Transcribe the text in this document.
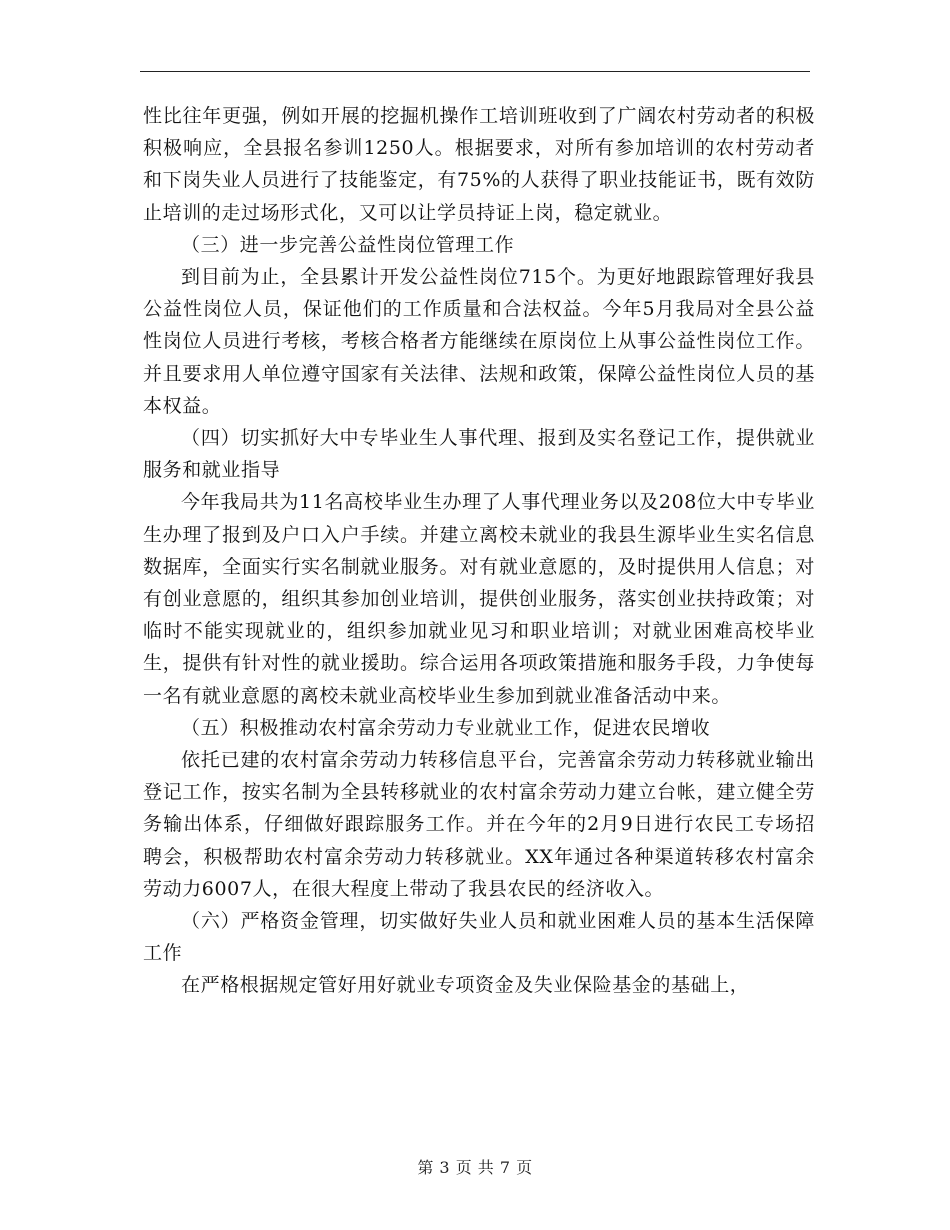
性比往年更强，例如开展的挖掘机操作工培训班收到了广阔农村劳动者的积极积极响应，全县报名参训1250人。根据要求，对所有参加培训的农村劳动者和下岗失业人员进行了技能鉴定，有75%的人获得了职业技能证书，既有效防止培训的走过场形式化，又可以让学员持证上岗，稳定就业。

（三）进一步完善公益性岗位管理工作

到目前为止，全县累计开发公益性岗位715个。为更好地跟踪管理好我县公益性岗位人员，保证他们的工作质量和合法权益。今年5月我局对全县公益性岗位人员进行考核，考核合格者方能继续在原岗位上从事公益性岗位工作。并且要求用人单位遵守国家有关法律、法规和政策，保障公益性岗位人员的基本权益。

（四）切实抓好大中专毕业生人事代理、报到及实名登记工作，提供就业服务和就业指导

今年我局共为11名高校毕业生办理了人事代理业务以及208位大中专毕业生办理了报到及户口入户手续。并建立离校未就业的我县生源毕业生实名信息数据库，全面实行实名制就业服务。对有就业意愿的，及时提供用人信息；对有创业意愿的，组织其参加创业培训，提供创业服务，落实创业扶持政策；对临时不能实现就业的，组织参加就业见习和职业培训；对就业困难高校毕业生，提供有针对性的就业援助。综合运用各项政策措施和服务手段，力争使每一名有就业意愿的离校未就业高校毕业生参加到就业准备活动中来。

（五）积极推动农村富余劳动力专业就业工作，促进农民增收

依托已建的农村富余劳动力转移信息平台，完善富余劳动力转移就业输出登记工作，按实名制为全县转移就业的农村富余劳动力建立台帐，建立健全劳务输出体系，仔细做好跟踪服务工作。并在今年的2月9日进行农民工专场招聘会，积极帮助农村富余劳动力转移就业。XX年通过各种渠道转移农村富余劳动力6007人，在很大程度上带动了我县农民的经济收入。

（六）严格资金管理，切实做好失业人员和就业困难人员的基本生活保障工作

在严格根据规定管好用好就业专项资金及失业保险基金的基础上，

第 3 页 共 7 页
